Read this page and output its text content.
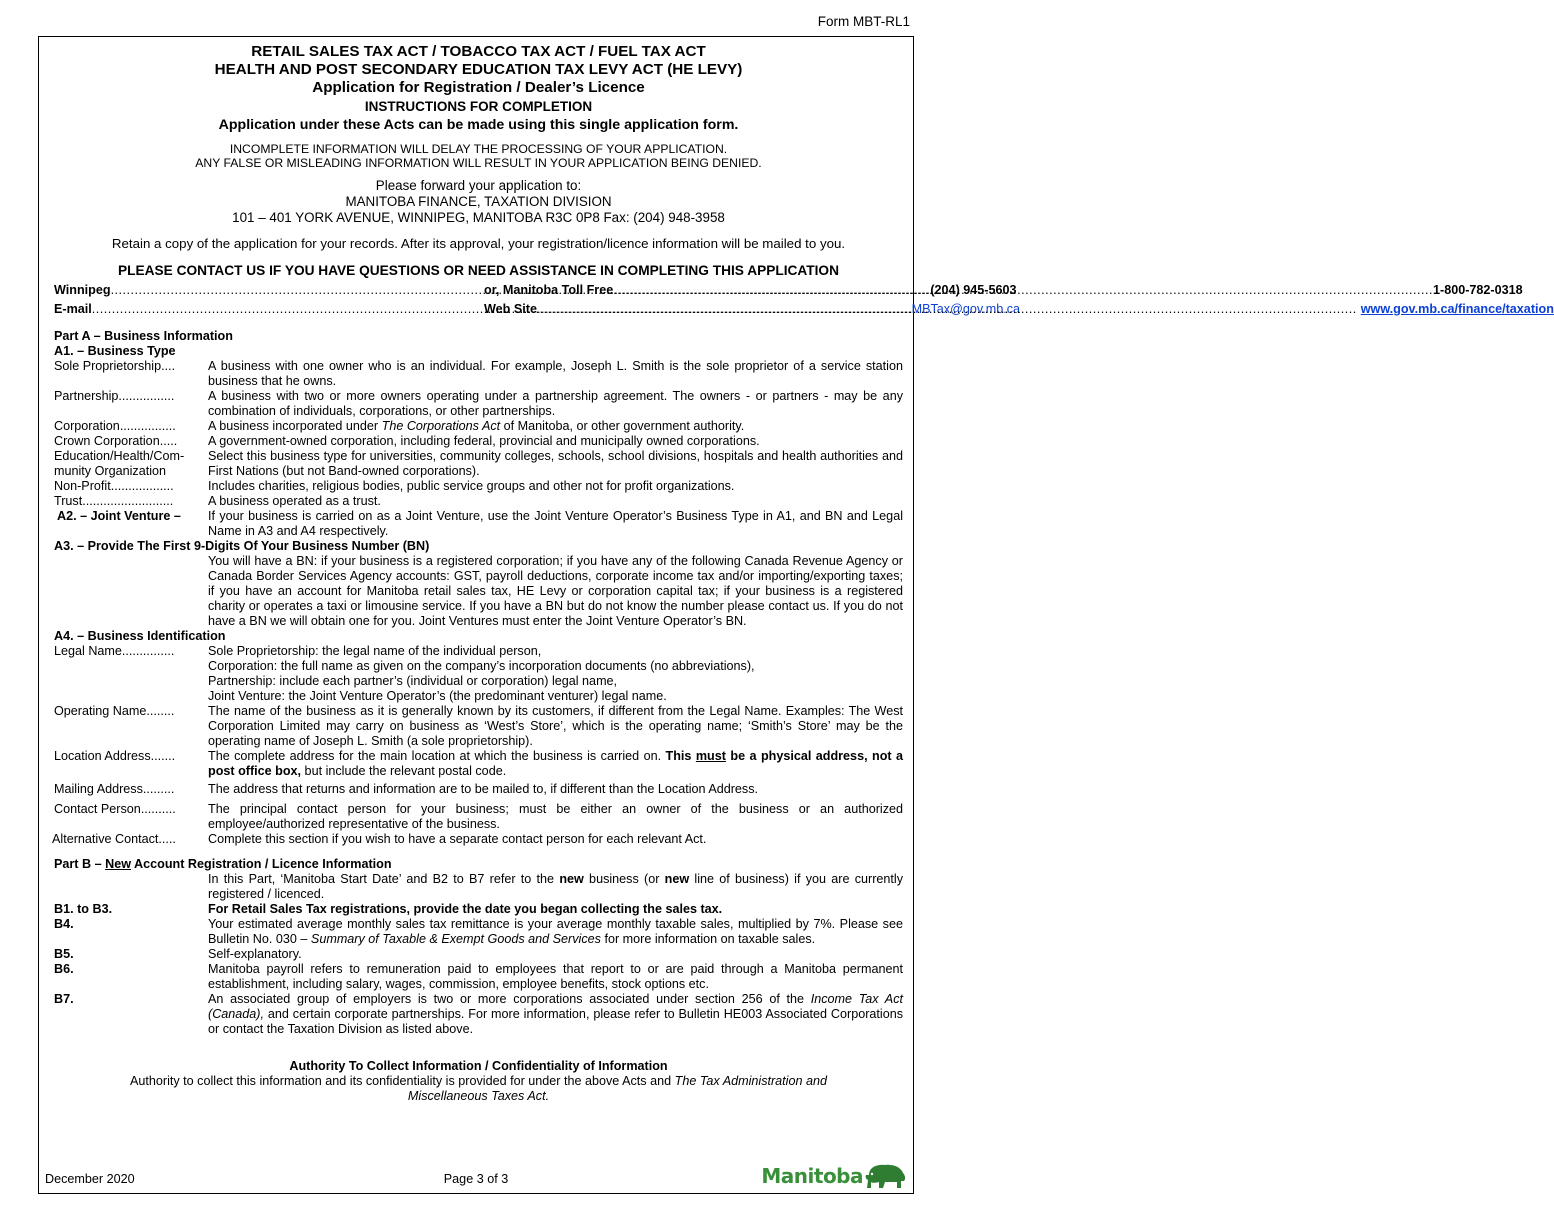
Form MBT-RL1
RETAIL SALES TAX ACT / TOBACCO TAX ACT / FUEL TAX ACT
HEALTH AND POST SECONDARY EDUCATION TAX LEVY ACT (HE LEVY)
Application for Registration / Dealer’s Licence
INSTRUCTIONS FOR COMPLETION
Application under these Acts can be made using this single application form.
INCOMPLETE INFORMATION WILL DELAY THE PROCESSING OF YOUR APPLICATION.
ANY FALSE OR MISLEADING INFORMATION WILL RESULT IN YOUR APPLICATION BEING DENIED.
Please forward your application to:
MANITOBA FINANCE, TAXATION DIVISION
101 – 401 YORK AVENUE, WINNIPEG, MANITOBA R3C 0P8 Fax: (204) 948-3958
Retain a copy of the application for your records. After its approval, your registration/licence information will be mailed to you.
PLEASE CONTACT US IF YOU HAVE QUESTIONS OR NEED ASSISTANCE IN COMPLETING THIS APPLICATION
Winnipeg .....	(204) 945-5603
or, Manitoba Toll Free .....	1-800-782-0318
E-mail .....	MBTax@gov.mb.ca
Web Site .....	www.gov.mb.ca/finance/taxation
Part A – Business Information
A1. – Business Type
Sole Proprietorship ....	A business with one owner who is an individual. For example, Joseph L. Smith is the sole proprietor of a service station business that he owns.
Partnership ................	A business with two or more owners operating under a partnership agreement. The owners - or partners - may be any combination of individuals, corporations, or other partnerships.
Corporation ................	A business incorporated under The Corporations Act of Manitoba, or other government authority.
Crown Corporation ..... A government-owned corporation, including federal, provincial and municipally owned corporations.
Education/Health/Com-
munity Organization
Select this business type for universities, community colleges, schools, school divisions, hospitals and health authorities and First Nations (but not Band-owned corporations).
Non-Profit ..................	Includes charities, religious bodies, public service groups and other not for profit organizations.
Trust ..........................	A business operated as a trust.
A2. – Joint Venture – If your business is carried on as a Joint Venture, use the Joint Venture Operator’s Business Type in A1, and BN and Legal Name in A3 and A4 respectively.
A3. – Provide The First 9-Digits Of Your Business Number (BN)
You will have a BN: if your business is a registered corporation; if you have any of the following Canada Revenue Agency or Canada Border Services Agency accounts: GST, payroll deductions, corporate income tax and/or importing/exporting taxes; if you have an account for Manitoba retail sales tax, HE Levy or corporation capital tax; if your business is a registered charity or operates a taxi or limousine service. If you have a BN but do not know the number please contact us. If you do not have a BN we will obtain one for you. Joint Ventures must enter the Joint Venture Operator’s BN.
A4. – Business Identification
Legal Name ...............	Sole Proprietorship: the legal name of the individual person,
Corporation: the full name as given on the company’s incorporation documents (no abbreviations),
Partnership: include each partner’s (individual or corporation) legal name,
Joint Venture: the Joint Venture Operator’s (the predominant venturer) legal name.
Operating Name ........	The name of the business as it is generally known by its customers, if different from the Legal Name. Examples: The West Corporation Limited may carry on business as ‘West’s Store’, which is the operating name; ‘Smith’s Store’ may be the operating name of Joseph L. Smith (a sole proprietorship).
Location Address .......	The complete address for the main location at which the business is carried on. This must be a physical address, not a post office box, but include the relevant postal code.
Mailing Address .........	The address that returns and information are to be mailed to, if different than the Location Address.
Contact Person ..........	The principal contact person for your business; must be either an owner of the business or an authorized employee/authorized representative of the business.
Alternative Contact .....	Complete this section if you wish to have a separate contact person for each relevant Act.
Part B – New Account Registration / Licence Information
In this Part, ‘Manitoba Start Date’ and B2 to B7 refer to the new business (or new line of business) if you are currently registered / licenced.
B1. to B3.	For Retail Sales Tax registrations, provide the date you began collecting the sales tax.
B4.	Your estimated average monthly sales tax remittance is your average monthly taxable sales, multiplied by 7%. Please see Bulletin No. 030 – Summary of Taxable & Exempt Goods and Services for more information on taxable sales.
B5.	Self-explanatory.
B6.	Manitoba payroll refers to remuneration paid to employees that report to or are paid through a Manitoba permanent establishment, including salary, wages, commission, employee benefits, stock options etc.
B7.	An associated group of employers is two or more corporations associated under section 256 of the Income Tax Act (Canada), and certain corporate partnerships. For more information, please refer to Bulletin HE003 Associated Corporations or contact the Taxation Division as listed above.
Authority To Collect Information / Confidentiality of Information
Authority to collect this information and its confidentiality is provided for under the above Acts and The Tax Administration and Miscellaneous Taxes Act.
December 2020	Page 3 of 3	Manitoba
